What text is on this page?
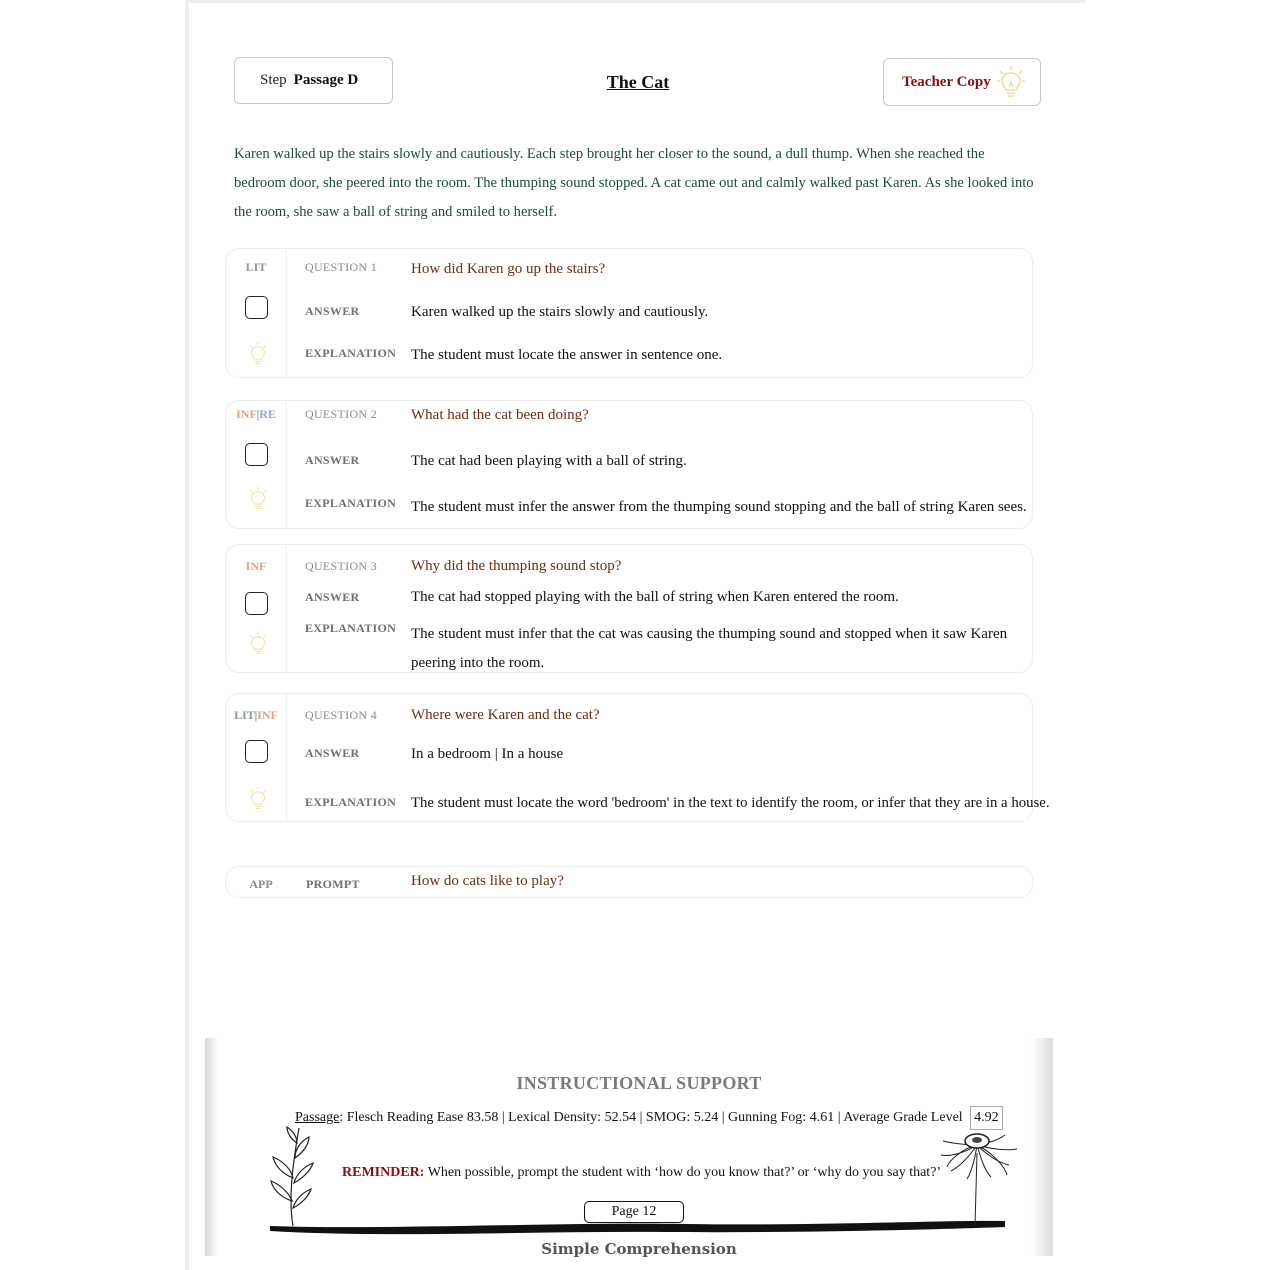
Step Passage D	The Cat	Teacher Copy
Karen walked up the stairs slowly and cautiously. Each step brought her closer to the sound, a dull thump. When she reached the bedroom door, she peered into the room. The thumping sound stopped. A cat came out and calmly walked past Karen. As she looked into the room, she saw a ball of string and smiled to herself.
LIT	QUESTION 1 How did Karen go up the stairs?
ANSWER	Karen walked up the stairs slowly and cautiously.
EXPLANATION The student must locate the answer in sentence one.
INF|RE	QUESTION 2 What had the cat been doing?
ANSWER	The cat had been playing with a ball of string.
EXPLANATION The student must infer the answer from the thumping sound stopping and the ball of string Karen sees.
INF	QUESTION 3 Why did the thumping sound stop?
ANSWER	The cat had stopped playing with the ball of string when Karen entered the room.
EXPLANATION The student must infer that the cat was causing the thumping sound and stopped when it saw Karen peering into the room.
LIT|INF	QUESTION 4 Where were Karen and the cat?
ANSWER	In a bedroom | In a house
EXPLANATION The student must locate the word 'bedroom' in the text to identify the room, or infer that they are in a house.
APP	PROMPT	How do cats like to play?
INSTRUCTIONAL SUPPORT
Passage: Flesch Reading Ease 83.58 | Lexical Density: 52.54 | SMOG: 5.24 | Gunning Fog: 4.61 | Average Grade Level 4.92
REMINDER: When possible, prompt the student with ‘how do you know that?’ or ‘why do you say that?’
Page 12
Simple Comprehension
